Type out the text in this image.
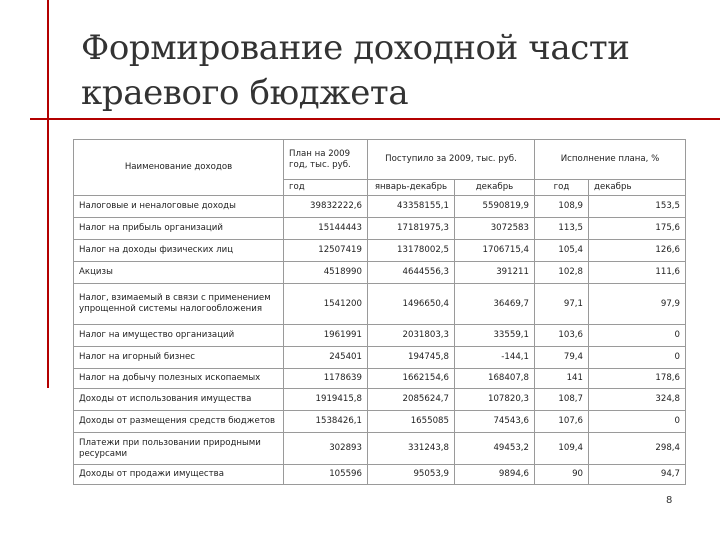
Формирование доходной части
краевого бюджета
Наименование доходов	План на 2009 год, тыс. руб.	Поступило за 2009, тыс. руб.		Исполнение плана, %	
	год	январь-декабрь	декабрь	год	декабрь
Налоговые и неналоговые доходы	39832222,6	43358155,1	5590819,9	108,9	153,5
Налог на прибыль организаций	15144443	17181975,3	3072583	113,5	175,6
Налог на доходы физических лиц	12507419	13178002,5	1706715,4	105,4	126,6
Акцизы	4518990	4644556,3	391211	102,8	111,6
Налог, взимаемый в связи с применением упрощенной системы налогообложения	1541200	1496650,4	36469,7	97,1	97,9
Налог на имущество организаций	1961991	2031803,3	33559,1	103,6	0
Налог на игорный бизнес	245401	194745,8	-144,1	79,4	0
Налог на добычу полезных ископаемых	1178639	1662154,6	168407,8	141	178,6
Доходы от использования имущества	1919415,8	2085624,7	107820,3	108,7	324,8
Доходы от размещения средств бюджетов	1538426,1	1655085	74543,6	107,6	0
Платежи при пользовании природными ресурсами	302893	331243,8	49453,2	109,4	298,4
Доходы от продажи имущества	105596	95053,9	9894,6	90	94,7
8
